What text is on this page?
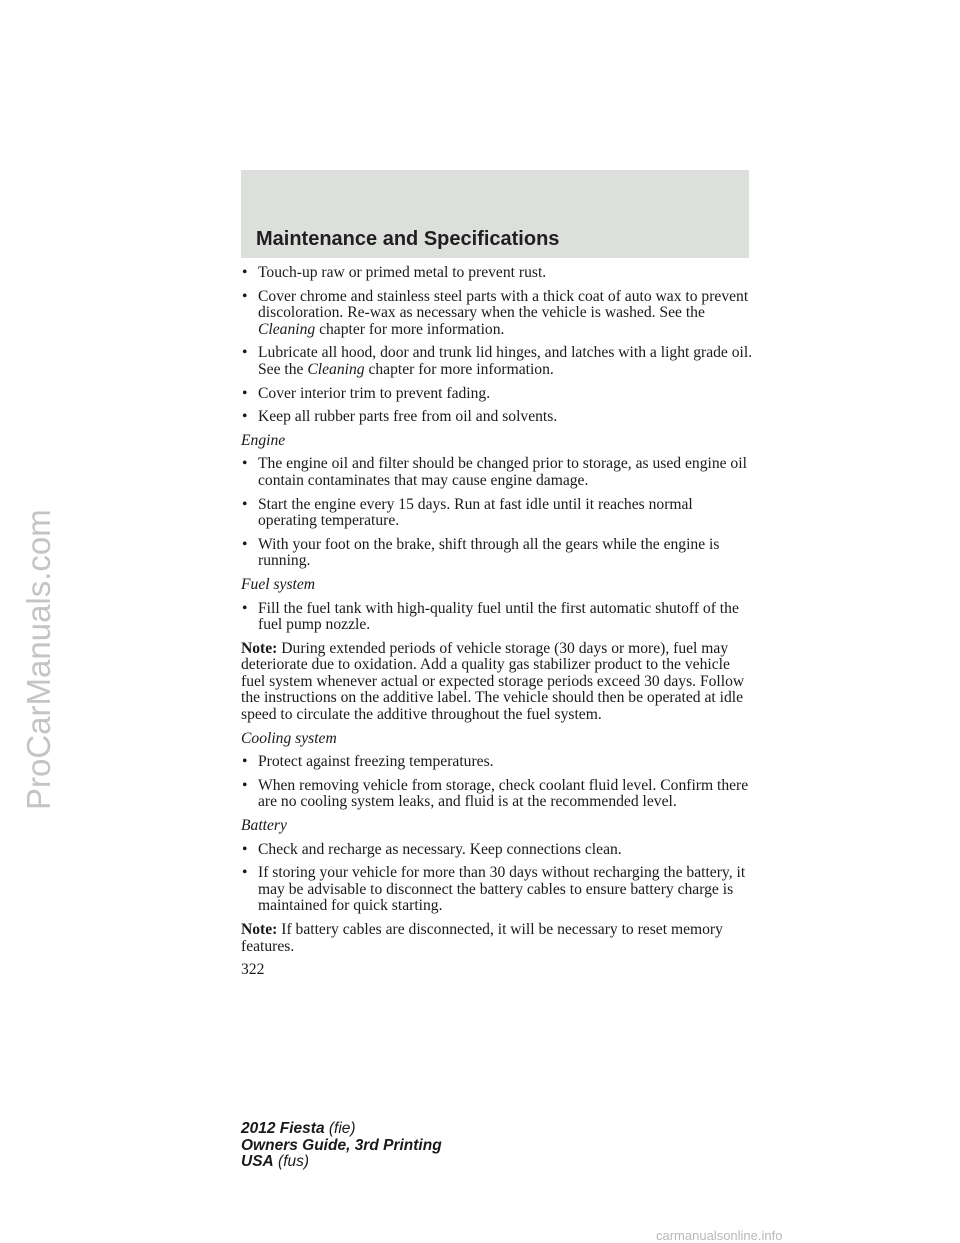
ProCarManuals.com
Maintenance and Specifications
• Touch-up raw or primed metal to prevent rust.
• Cover chrome and stainless steel parts with a thick coat of auto wax to prevent discoloration. Re-wax as necessary when the vehicle is washed. See the Cleaning chapter for more information.
• Lubricate all hood, door and trunk lid hinges, and latches with a light grade oil. See the Cleaning chapter for more information.
• Cover interior trim to prevent fading.
• Keep all rubber parts free from oil and solvents.
Engine
• The engine oil and filter should be changed prior to storage, as used engine oil contain contaminates that may cause engine damage.
• Start the engine every 15 days. Run at fast idle until it reaches normal operating temperature.
• With your foot on the brake, shift through all the gears while the engine is running.
Fuel system
• Fill the fuel tank with high-quality fuel until the first automatic shutoff of the fuel pump nozzle.
Note: During extended periods of vehicle storage (30 days or more), fuel may deteriorate due to oxidation. Add a quality gas stabilizer product to the vehicle fuel system whenever actual or expected storage periods exceed 30 days. Follow the instructions on the additive label. The vehicle should then be operated at idle speed to circulate the additive throughout the fuel system.
Cooling system
• Protect against freezing temperatures.
• When removing vehicle from storage, check coolant fluid level. Confirm there are no cooling system leaks, and fluid is at the recommended level.
Battery
• Check and recharge as necessary. Keep connections clean.
• If storing your vehicle for more than 30 days without recharging the battery, it may be advisable to disconnect the battery cables to ensure battery charge is maintained for quick starting.
Note: If battery cables are disconnected, it will be necessary to reset memory features.
322
2012 Fiesta (fie)
Owners Guide, 3rd Printing
USA (fus)
carmanualsonline.info
